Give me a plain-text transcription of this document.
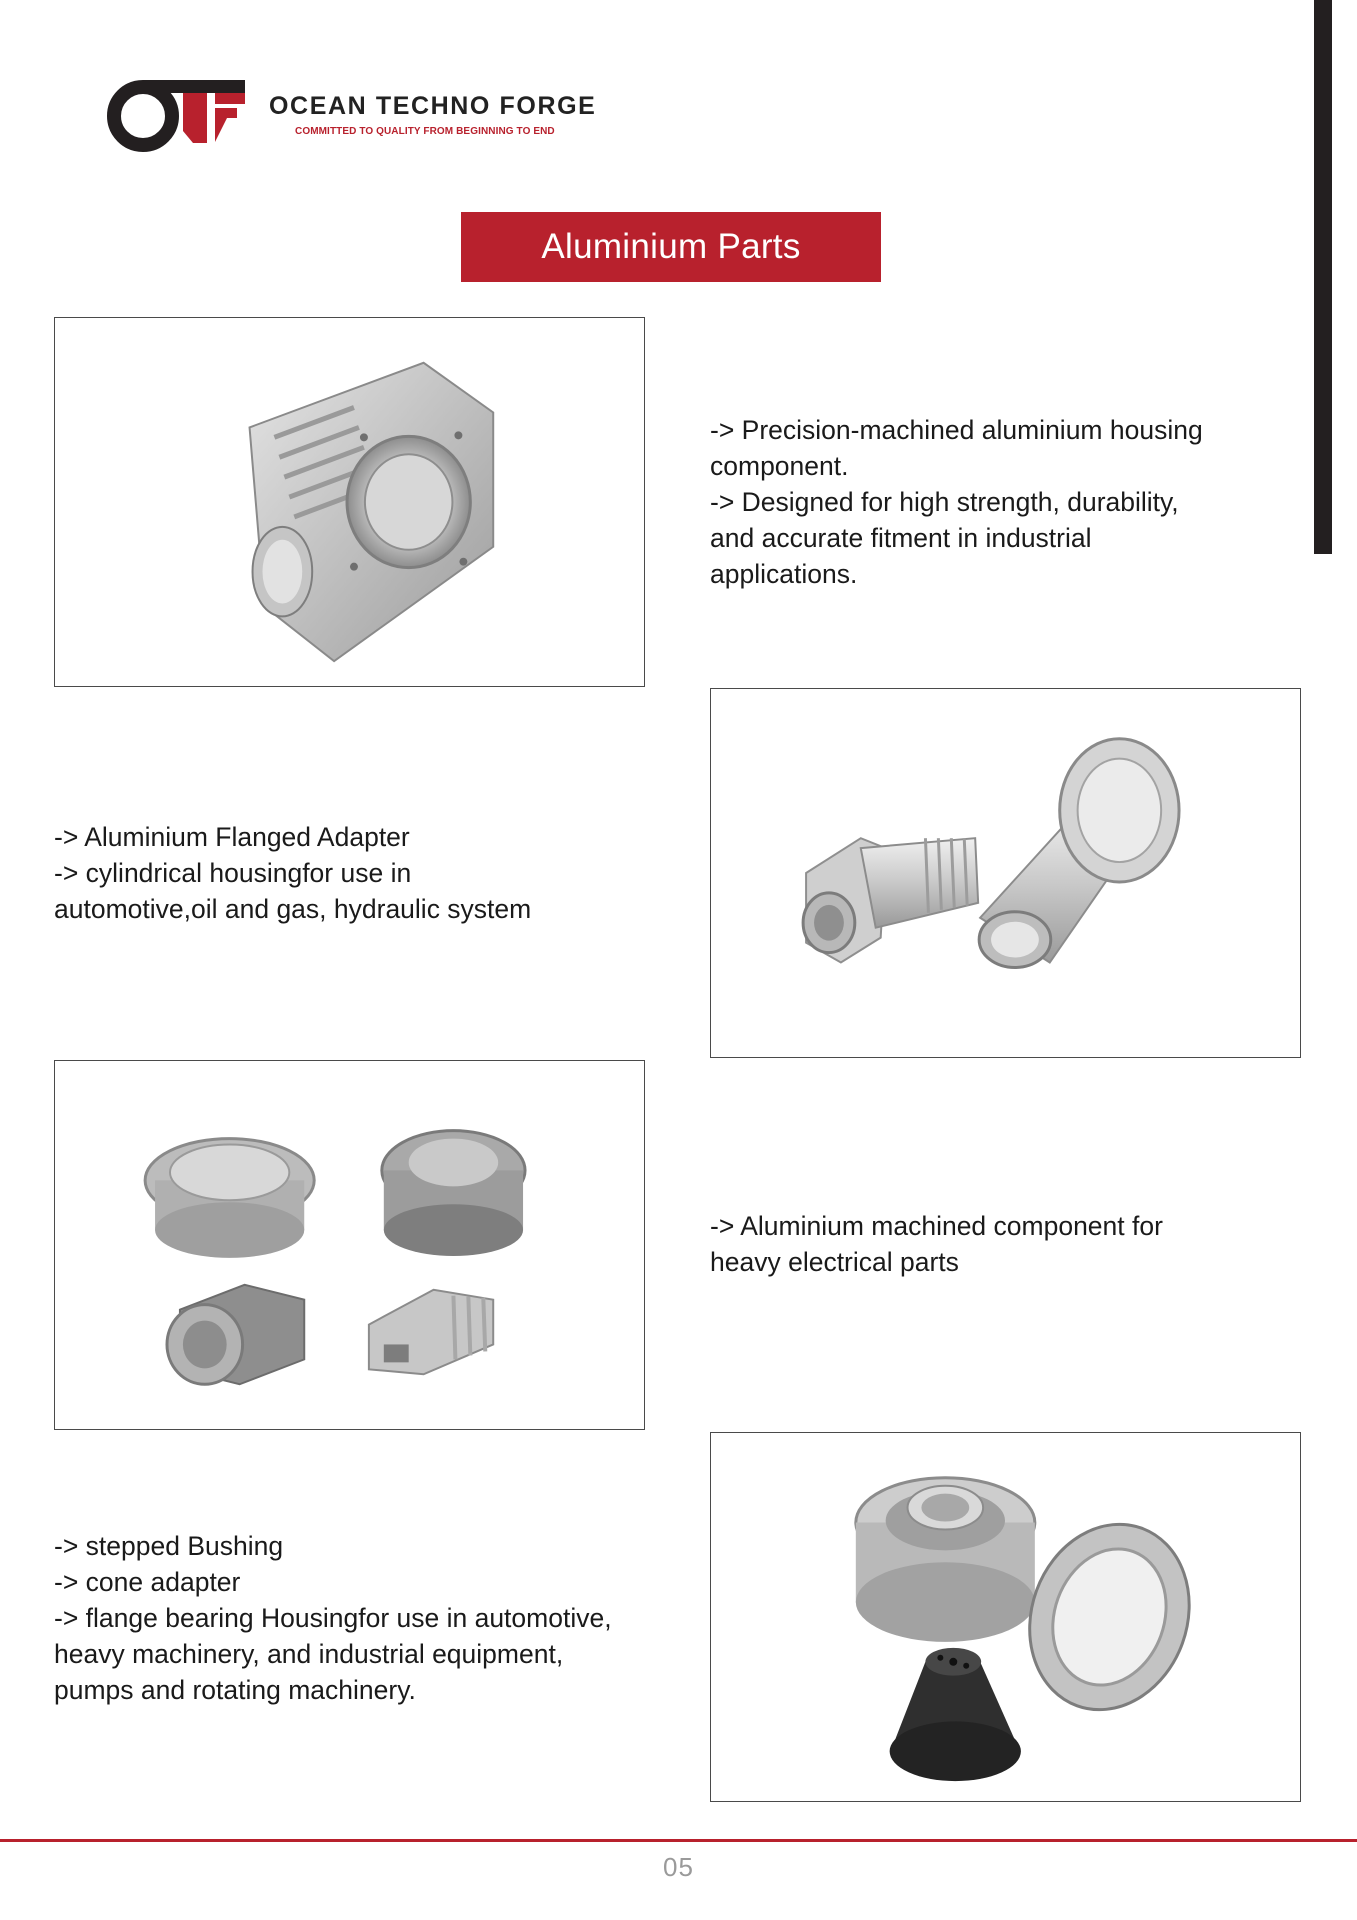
OCEAN TECHNO FORGE
COMMITTED TO QUALITY FROM BEGINNING TO END
Aluminium Parts
-> Precision-machined aluminium housing
component.
-> Designed for high strength, durability,
and accurate fitment in industrial
applications.
-> Aluminium Flanged Adapter
-> cylindrical housingfor use in
automotive,oil and gas, hydraulic system
-> Aluminium machined component for
heavy electrical parts
-> stepped Bushing
-> cone adapter
-> flange bearing Housingfor use in automotive,
heavy machinery, and industrial equipment,
pumps and rotating machinery.
05
